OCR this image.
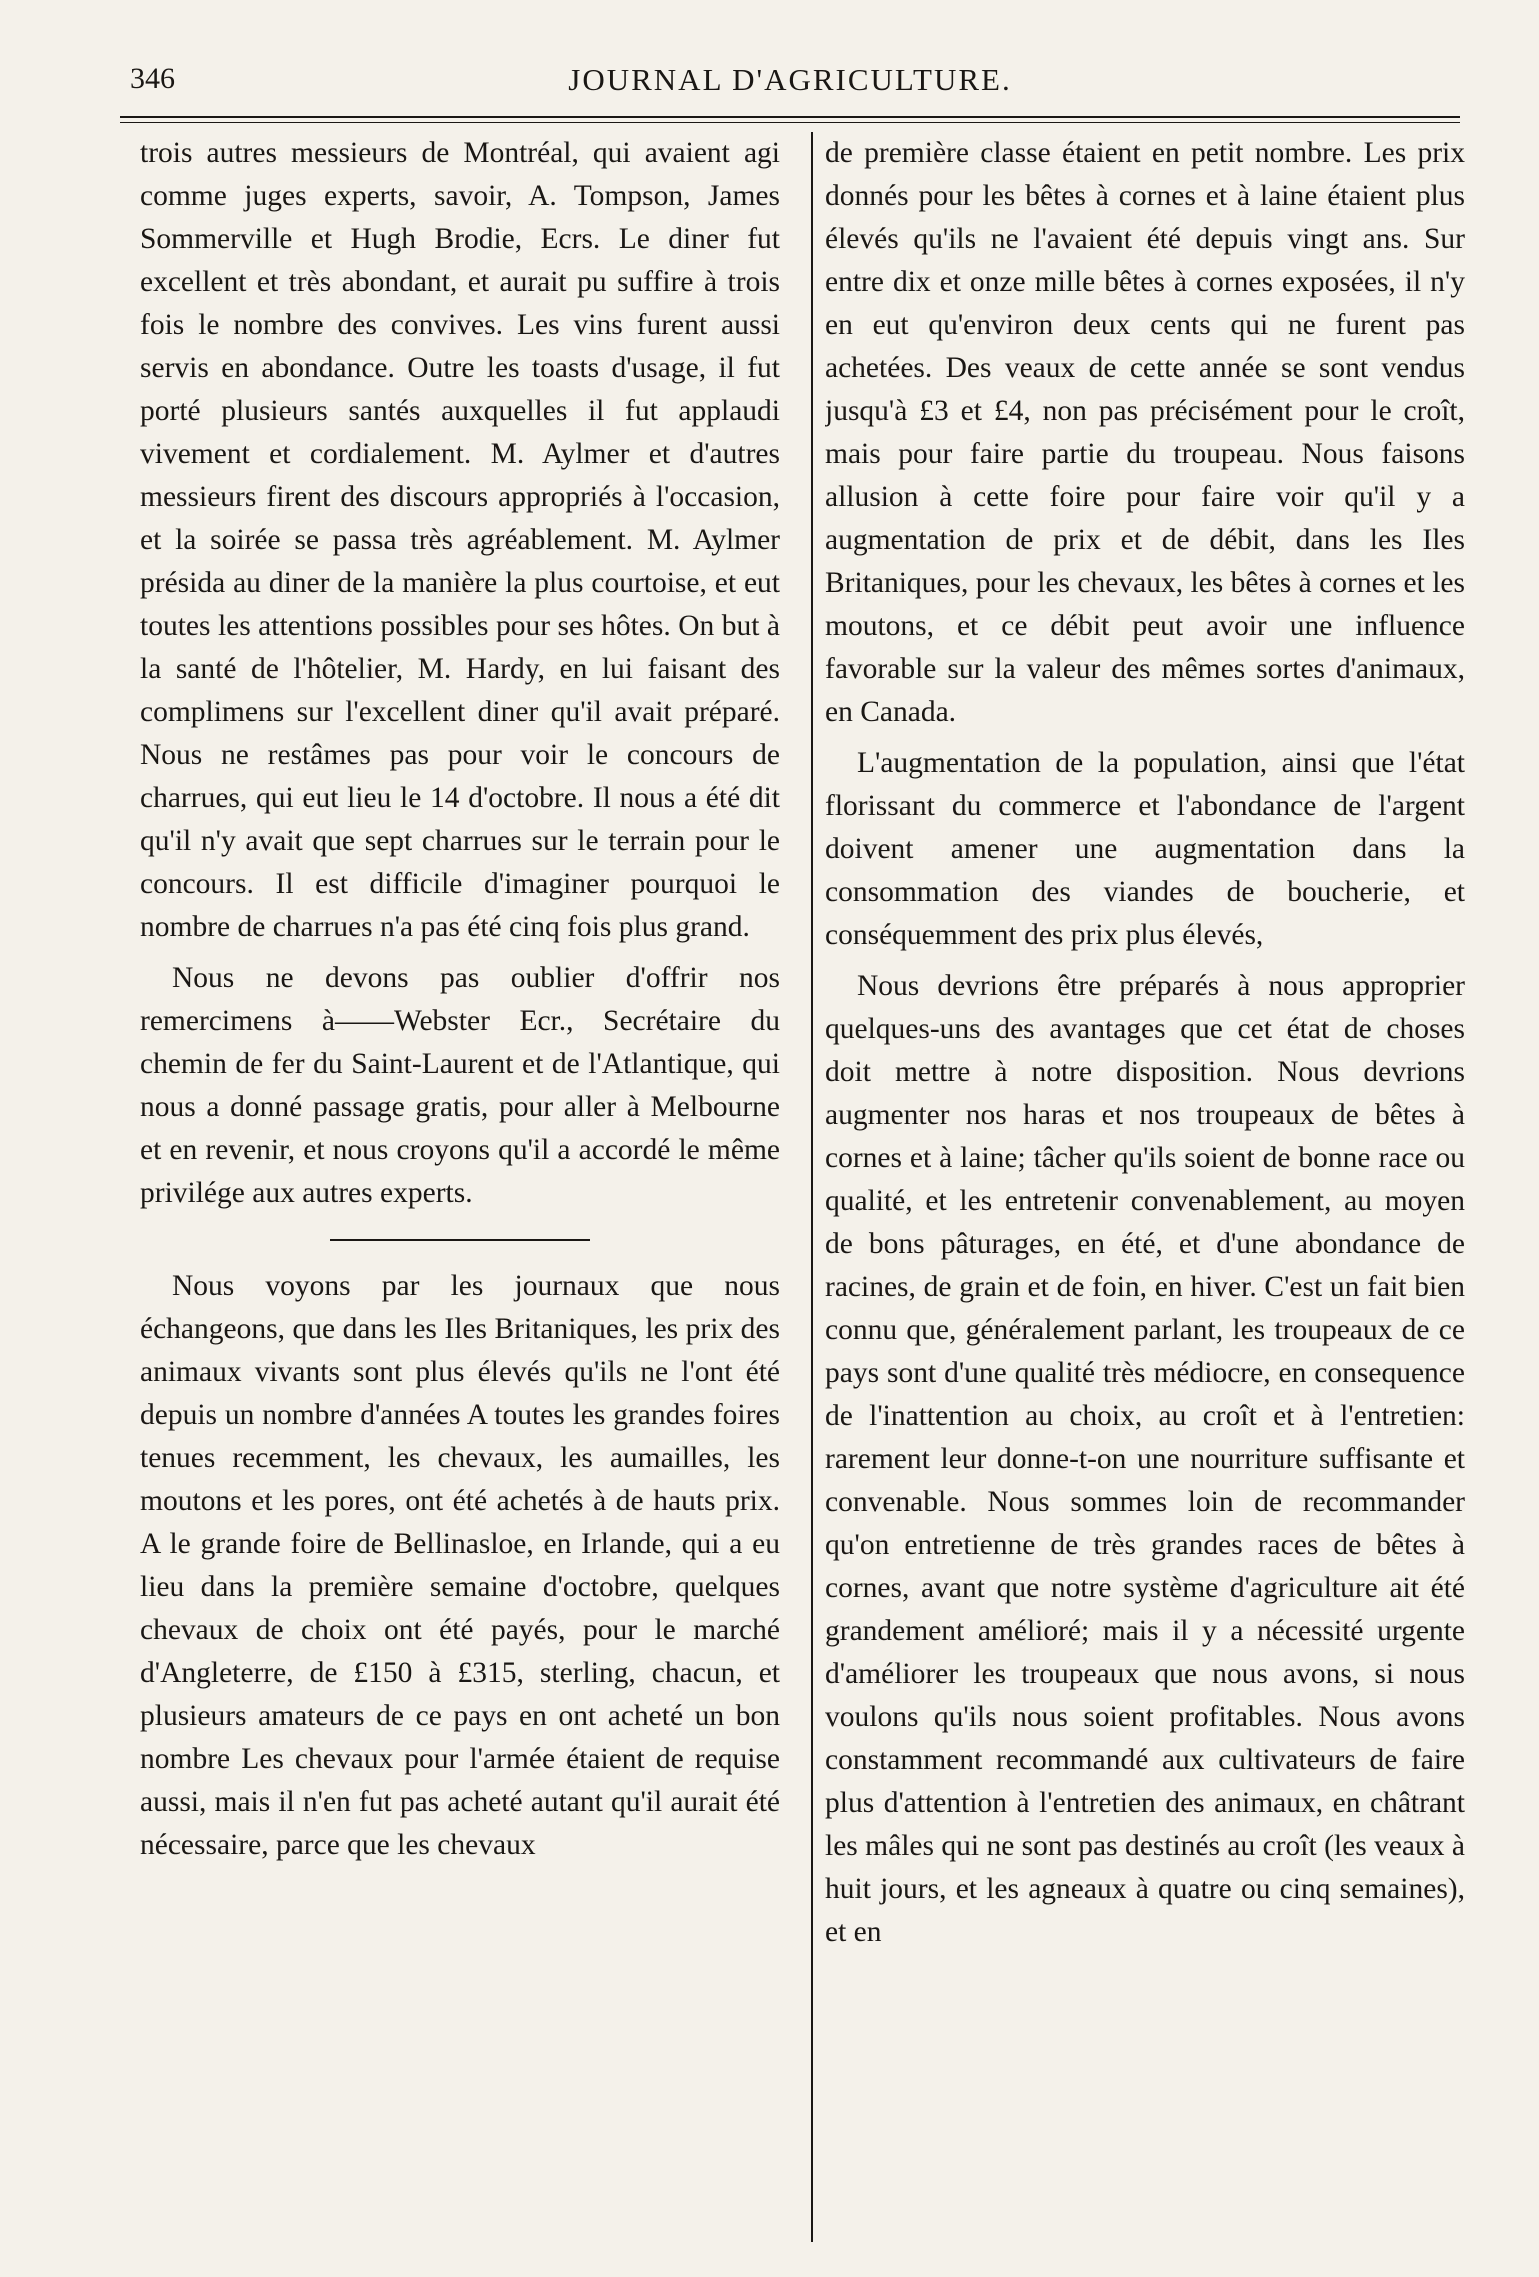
346	JOURNAL D'AGRICULTURE.

trois autres messieurs de Montréal, qui avaient agi comme juges experts, savoir, A. Tompson, James Sommerville et Hugh Brodie, Ecrs. Le diner fut excellent et très abondant, et aurait pu suffire à trois fois le nombre des convives. Les vins furent aussi servis en abondance. Outre les toasts d'usage, il fut porté plusieurs santés auxquelles il fut applaudi vivement et cordialement. M. Aylmer et d'autres messieurs firent des discours appropriés à l'occasion, et la soirée se passa très agréablement. M. Aylmer présida au diner de la manière la plus courtoise, et eut toutes les attentions possibles pour ses hôtes. On but à la santé de l'hôtelier, M. Hardy, en lui faisant des complimens sur l'excellent diner qu'il avait préparé. Nous ne restâmes pas pour voir le concours de charrues, qui eut lieu le 14 d'octobre. Il nous a été dit qu'il n'y avait que sept charrues sur le terrain pour le concours. Il est difficile d'imaginer pourquoi le nombre de charrues n'a pas été cinq fois plus grand.

Nous ne devons pas oublier d'offrir nos remercimens à——Webster Ecr., Secrétaire du chemin de fer du Saint-Laurent et de l'Atlantique, qui nous a donné passage gratis, pour aller à Melbourne et en revenir, et nous croyons qu'il a accordé le même privilége aux autres experts.

Nous voyons par les journaux que nous échangeons, que dans les Iles Britaniques, les prix des animaux vivants sont plus élevés qu'ils ne l'ont été depuis un nombre d'années A toutes les grandes foires tenues recemment, les chevaux, les aumailles, les moutons et les pores, ont été achetés à de hauts prix. A le grande foire de Bellinasloe, en Irlande, qui a eu lieu dans la première semaine d'octobre, quelques chevaux de choix ont été payés, pour le marché d'Angleterre, de £150 à £315, sterling, chacun, et plusieurs amateurs de ce pays en ont acheté un bon nombre Les chevaux pour l'armée étaient de requise aussi, mais il n'en fut pas acheté autant qu'il aurait été nécessaire, parce que les chevaux

de première classe étaient en petit nombre. Les prix donnés pour les bêtes à cornes et à laine étaient plus élevés qu'ils ne l'avaient été depuis vingt ans. Sur entre dix et onze mille bêtes à cornes exposées, il n'y en eut qu'environ deux cents qui ne furent pas achetées. Des veaux de cette année se sont vendus jusqu'à £3 et £4, non pas précisément pour le croît, mais pour faire partie du troupeau. Nous faisons allusion à cette foire pour faire voir qu'il y a augmentation de prix et de débit, dans les Iles Britaniques, pour les chevaux, les bêtes à cornes et les moutons, et ce débit peut avoir une influence favorable sur la valeur des mêmes sortes d'animaux, en Canada.

L'augmentation de la population, ainsi que l'état florissant du commerce et l'abondance de l'argent doivent amener une augmentation dans la consommation des viandes de boucherie, et conséquemment des prix plus élevés,

Nous devrions être préparés à nous approprier quelques-uns des avantages que cet état de choses doit mettre à notre disposition. Nous devrions augmenter nos haras et nos troupeaux de bêtes à cornes et à laine; tâcher qu'ils soient de bonne race ou qualité, et les entretenir convenablement, au moyen de bons pâturages, en été, et d'une abondance de racines, de grain et de foin, en hiver. C'est un fait bien connu que, généralement parlant, les troupeaux de ce pays sont d'une qualité très médiocre, en consequence de l'inattention au choix, au croît et à l'entretien: rarement leur donne-t-on une nourriture suffisante et convenable. Nous sommes loin de recommander qu'on entretienne de très grandes races de bêtes à cornes, avant que notre système d'agriculture ait été grandement amélioré; mais il y a nécessité urgente d'améliorer les troupeaux que nous avons, si nous voulons qu'ils nous soient profitables. Nous avons constamment recommandé aux cultivateurs de faire plus d'attention à l'entretien des animaux, en châtrant les mâles qui ne sont pas destinés au croît (les veaux à huit jours, et les agneaux à quatre ou cinq semaines), et en
